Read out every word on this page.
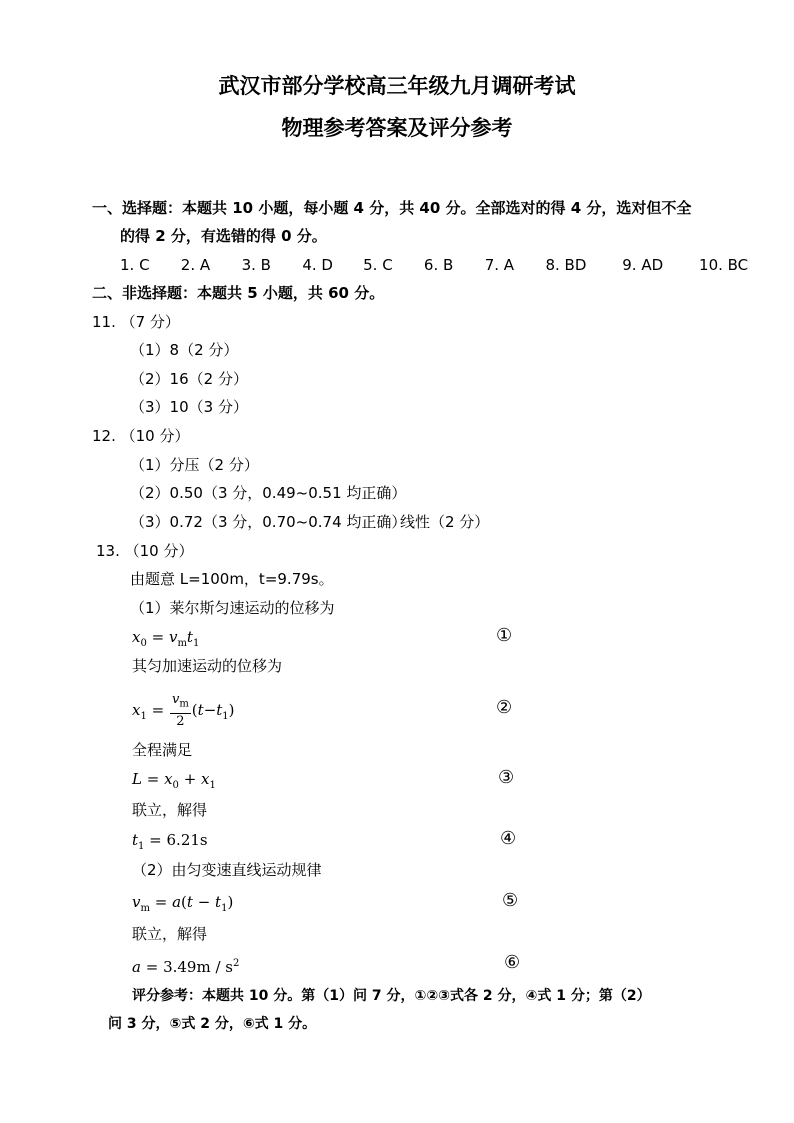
武汉市部分学校高三年级九月调研考试
物理参考答案及评分参考
一、选择题：本题共 10 小题，每小题 4 分，共 40 分。全部选对的得 4 分，选对但不全
的得 2 分，有选错的得 0 分。
1. C 2. A 3. B 4. D 5. C 6. B 7. A 8. BD 9. AD 10. BC
二、非选择题：本题共 5 小题，共 60 分。
11. （7 分）
（1）8（2 分）
（2）16（2 分）
（3）10（3 分）
12. （10 分）
（1）分压（2 分）
（2）0.50（3 分，0.49~0.51 均正确）
（3）0.72（3 分，0.70~0.74 均正确）
线性（2 分）
13. （10 分）
由题意 L=100m，t=9.79s。
（1）莱尔斯匀速运动的位移为
$x_0 = v_mt_1$	①
其匀加速运动的位移为
$x_1 = \frac{v_m}{2} (t-t_1)$	②
全程满足
$L = x_0 + x_1$	③
联立，解得
$t_1 = 6.21s$	④
（2）由匀变速直线运动规律
$v_m = a(t - t_1)$	⑤
联立，解得
$a = 3.49m / s^2$	⑥
评分参考：本题共 10 分。第（1）问 7 分，①②③式各 2 分，④式 1 分；第（2）
问 3 分，⑤式 2 分，⑥式 1 分。
